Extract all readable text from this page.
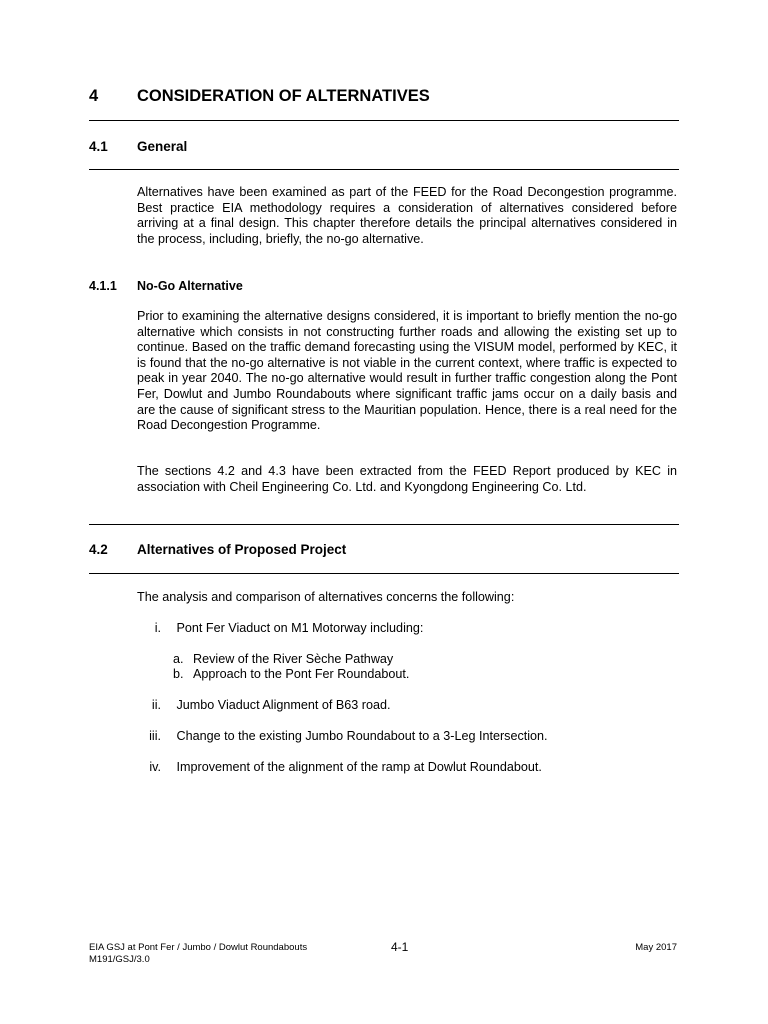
4 CONSIDERATION OF ALTERNATIVES
4.1 General

Alternatives have been examined as part of the FEED for the Road Decongestion programme. Best practice EIA methodology requires a consideration of alternatives considered before arriving at a final design. This chapter therefore details the principal alternatives considered in the process, including, briefly, the no-go alternative.

4.1.1 No-Go Alternative

Prior to examining the alternative designs considered, it is important to briefly mention the no-go alternative which consists in not constructing further roads and allowing the existing set up to continue. Based on the traffic demand forecasting using the VISUM model, performed by KEC, it is found that the no-go alternative is not viable in the current context, where traffic is expected to peak in year 2040. The no-go alternative would result in further traffic congestion along the Pont Fer, Dowlut and Jumbo Roundabouts where significant traffic jams occur on a daily basis and are the cause of significant stress to the Mauritian population. Hence, there is a real need for the Road Decongestion Programme.

The sections 4.2 and 4.3 have been extracted from the FEED Report produced by KEC in association with Cheil Engineering Co. Ltd. and Kyongdong Engineering Co. Ltd.

4.2 Alternatives of Proposed Project
The analysis and comparison of alternatives concerns the following:
i. Pont Fer Viaduct on M1 Motorway including:
a. Review of the River Sèche Pathway
b. Approach to the Pont Fer Roundabout.
ii. Jumbo Viaduct Alignment of B63 road.
iii. Change to the existing Jumbo Roundabout to a 3-Leg Intersection.
iv. Improvement of the alignment of the ramp at Dowlut Roundabout.
EIA GSJ at Pont Fer / Jumbo / Dowlut Roundabouts
M191/GSJ/3.0
4-1	May 2017
